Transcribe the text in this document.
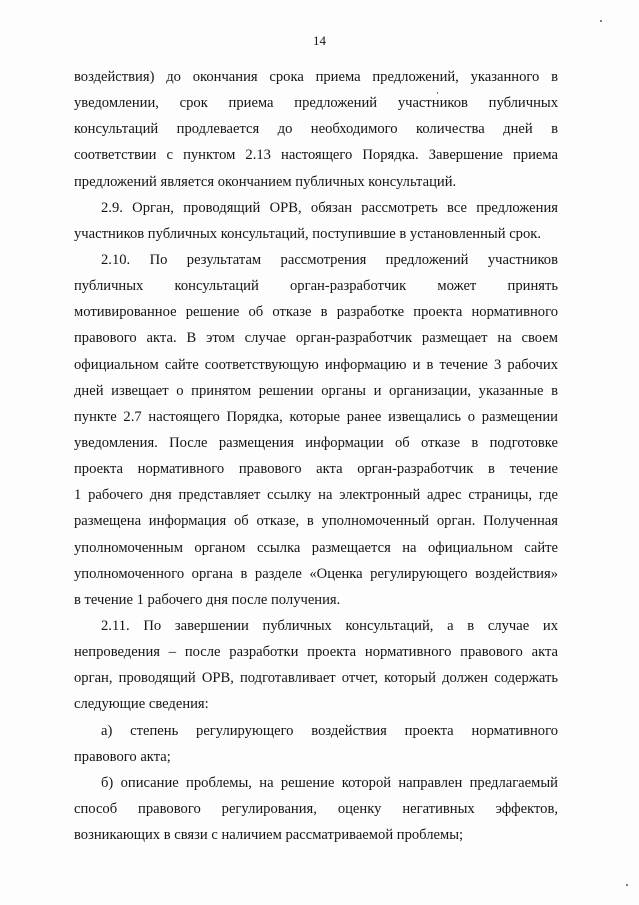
14
воздействия) до окончания срока приема предложений, указанного в
уведомлении, срок приема предложений участников публичных
консультаций продлевается до необходимого количества дней в
соответствии с пунктом 2.13 настоящего Порядка. Завершение приема
предложений является окончанием публичных консультаций.
2.9. Орган, проводящий ОРВ, обязан рассмотреть все предложения
участников публичных консультаций, поступившие в установленный срок.
2.10. По результатам рассмотрения предложений участников
публичных консультаций орган-разработчик может принять
мотивированное решение об отказе в разработке проекта нормативного
правового акта. В этом случае орган-разработчик размещает на своем
официальном сайте соответствующую информацию и в течение 3 рабочих
дней извещает о принятом решении органы и организации, указанные в
пункте 2.7 настоящего Порядка, которые ранее извещались о размещении
уведомления. После размещения информации об отказе в подготовке
проекта нормативного правового акта орган-разработчик в течение
1 рабочего дня представляет ссылку на электронный адрес страницы, где
размещена информация об отказе, в уполномоченный орган. Полученная
уполномоченным органом ссылка размещается на официальном сайте
уполномоченного органа в разделе «Оценка регулирующего воздействия»
в течение 1 рабочего дня после получения.
2.11. По завершении публичных консультаций, а в случае их
непроведения – после разработки проекта нормативного правового акта
орган, проводящий ОРВ, подготавливает отчет, который должен содержать
следующие сведения:
а) степень регулирующего воздействия проекта нормативного
правового акта;
б) описание проблемы, на решение которой направлен предлагаемый
способ правового регулирования, оценку негативных эффектов,
возникающих в связи с наличием рассматриваемой проблемы;
